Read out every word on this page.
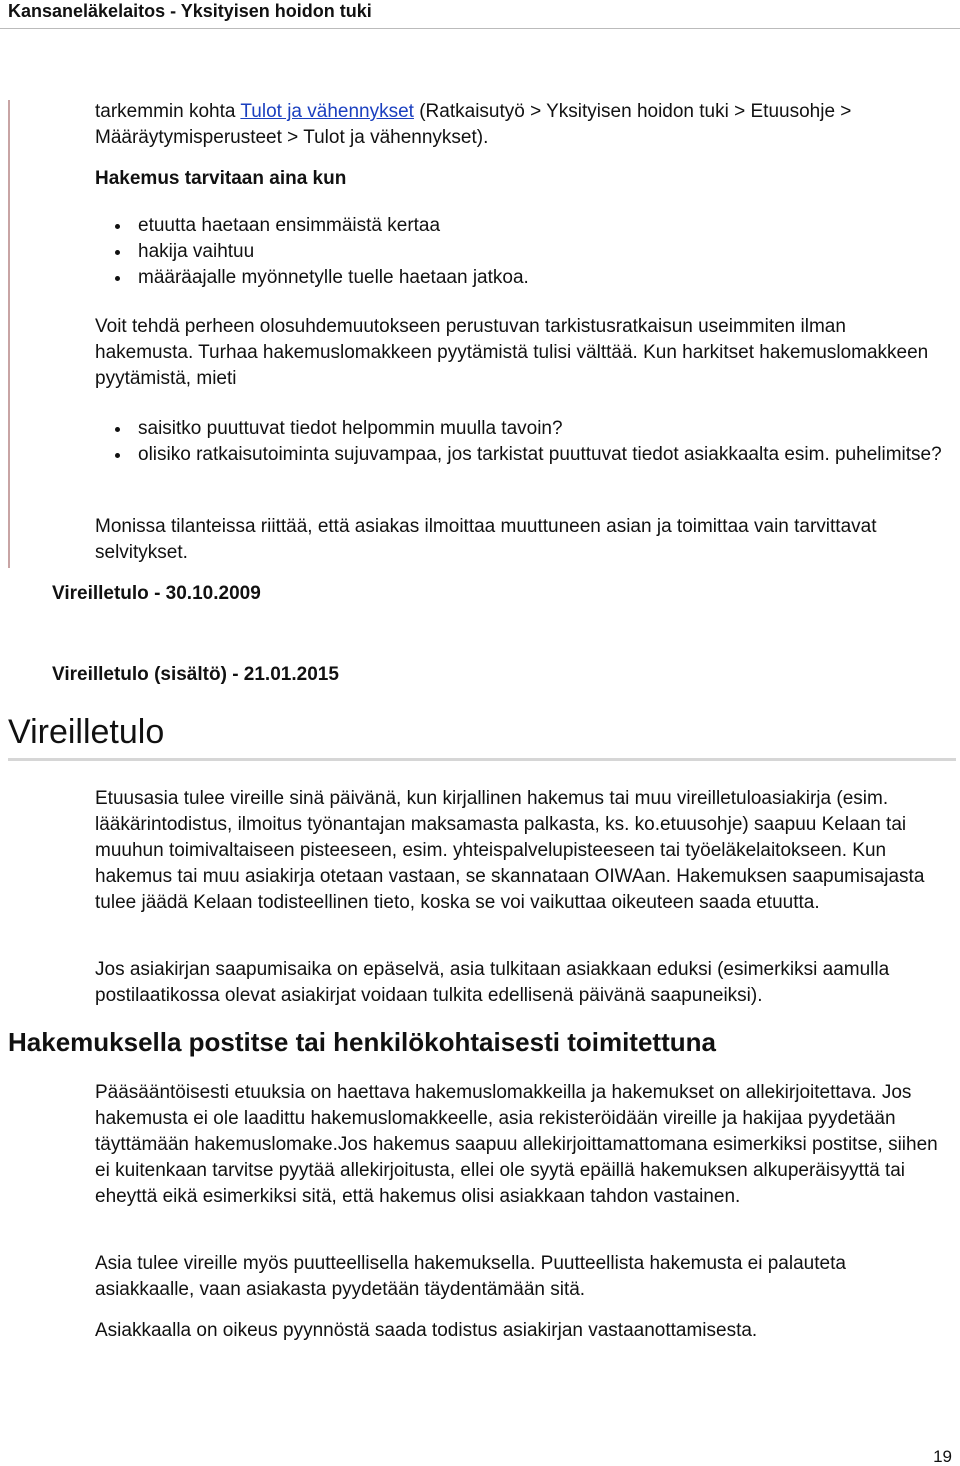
Kansaneläkelaitos - Yksityisen hoidon tuki

tarkemmin kohta Tulot ja vähennykset (Ratkaisutyö > Yksityisen hoidon tuki > Etuusohje > Määräytymisperusteet > Tulot ja vähennykset).

Hakemus tarvitaan aina kun
etuutta haetaan ensimmäistä kertaa
hakija vaihtuu
määräajalle myönnetylle tuelle haetaan jatkoa.

Voit tehdä perheen olosuhdemuutokseen perustuvan tarkistusratkaisun useimmiten ilman hakemusta. Turhaa hakemuslomakkeen pyytämistä tulisi välttää. Kun harkitset hakemuslomakkeen pyytämistä, mieti

saisitko puuttuvat tiedot helpommin muulla tavoin?
olisiko ratkaisutoiminta sujuvampaa, jos tarkistat puuttuvat tiedot asiakkaalta esim. puhelimitse?

Monissa tilanteissa riittää, että asiakas ilmoittaa muuttuneen asian ja toimittaa vain tarvittavat selvitykset.

Vireilletulo - 30.10.2009
Vireilletulo (sisältö) - 21.01.2015
Vireilletulo

Etuusasia tulee vireille sinä päivänä, kun kirjallinen hakemus tai muu vireilletuloasiakirja (esim. lääkärintodistus, ilmoitus työnantajan maksamasta palkasta, ks. ko.etuusohje) saapuu Kelaan tai muuhun toimivaltaiseen pisteeseen, esim. yhteispalvelupisteeseen tai työeläkelaitokseen. Kun hakemus tai muu asiakirja otetaan vastaan, se skannataan OIWAan. Hakemuksen saapumisajasta tulee jäädä Kelaan todisteellinen tieto, koska se voi vaikuttaa oikeuteen saada etuutta.

Jos asiakirjan saapumisaika on epäselvä, asia tulkitaan asiakkaan eduksi (esimerkiksi aamulla postilaatikossa olevat asiakirjat voidaan tulkita edellisenä päivänä saapuneiksi).

Hakemuksella postitse tai henkilökohtaisesti toimitettuna

Pääsääntöisesti etuuksia on haettava hakemuslomakkeilla ja hakemukset on allekirjoitettava. Jos hakemusta ei ole laadittu hakemuslomakkeelle, asia rekisteröidään vireille ja hakijaa pyydetään täyttämään hakemuslomake.Jos hakemus saapuu allekirjoittamattomana esimerkiksi postitse, siihen ei kuitenkaan tarvitse pyytää allekirjoitusta, ellei ole syytä epäillä hakemuksen alkuperäisyyttä tai eheyttä eikä esimerkiksi sitä, että hakemus olisi asiakkaan tahdon vastainen.

Asia tulee vireille myös puutteellisella hakemuksella. Puutteellista hakemusta ei palauteta asiakkaalle, vaan asiakasta pyydetään täydentämään sitä.

Asiakkaalla on oikeus pyynnöstä saada todistus asiakirjan vastaanottamisesta.

19
